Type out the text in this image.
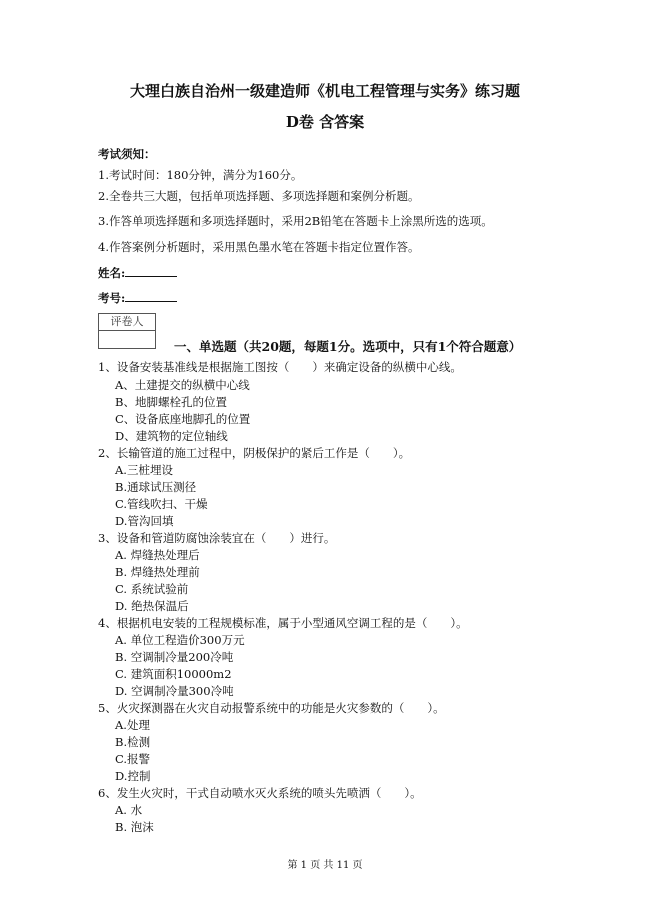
大理白族自治州一级建造师《机电工程管理与实务》练习题
D卷 含答案
考试须知：
1.考试时间：180分钟，满分为160分。
2.全卷共三大题，包括单项选择题、多项选择题和案例分析题。
3.作答单项选择题和多项选择题时，采用2B铅笔在答题卡上涂黑所选的选项。
4.作答案例分析题时，采用黑色墨水笔在答题卡指定位置作答。
姓名:
考号:
评卷人
一、单选题（共20题，每题1分。选项中，只有1个符合题意）
1、设备安装基准线是根据施工图按（　　）来确定设备的纵横中心线。
A、土建提交的纵横中心线
B、地脚螺栓孔的位置
C、设备底座地脚孔的位置
D、建筑物的定位轴线
2、长输管道的施工过程中，阴极保护的紧后工作是（　　）。
A.三桩埋设
B.通球试压测径
C.管线吹扫、干燥
D.管沟回填
3、设备和管道防腐蚀涂装宜在（　　）进行。
A. 焊缝热处理后
B. 焊缝热处理前
C. 系统试验前
D. 绝热保温后
4、根据机电安装的工程规模标准，属于小型通风空调工程的是（　　）。
A. 单位工程造价300万元
B. 空调制冷量200冷吨
C. 建筑面积10000m2
D. 空调制冷量300冷吨
5、火灾探测器在火灾自动报警系统中的功能是火灾参数的（　　）。
A.处理
B.检测
C.报警
D.控制
6、发生火灾时，干式自动喷水灭火系统的喷头先喷洒（　　）。
A. 水
B. 泡沫
第 1 页 共 11 页
